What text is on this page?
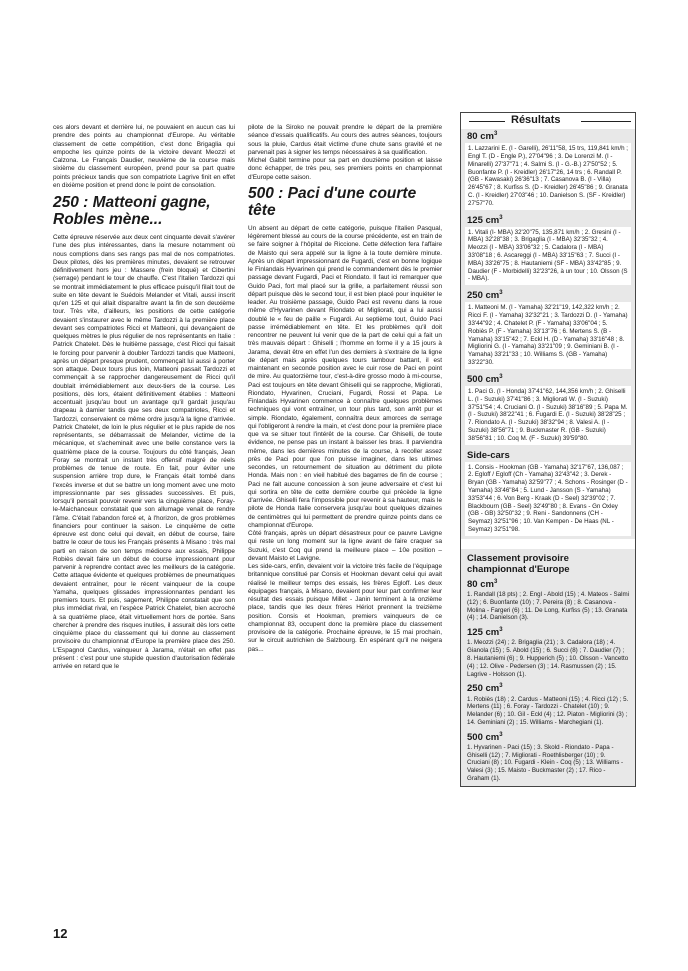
ces alors devant et derrière lui, ne pouvaient en aucun cas lui prendre des points au championnat d'Europe. Au véritable classement de cette compétition, c'est donc Brigaglia qui empoche les quinze points de la victoire devant Meozzi et Calzona. Le Français Daudier, neuvième de la course mais sixième du classement européen, prend pour sa part quatre points précieux tandis que son compatriote Lagrive finit en effet en dixième position et prend donc le point de consolation.
250 : Matteoni gagne, Robles mène...
Cette épreuve réservée aux deux cent cinquante devait s'avérer l'une des plus intéressantes, dans la mesure notamment où nous comptions dans ses rangs pas mal de nos compatriotes. Deux pilotes, dès les premières minutes, devaient se retrouver définitivement hors jeu : Massere (frein bloqué) et Cibertini (serrage) pendant le tour de chauffe. C'est l'Italien Tardozzi qui se montrait immédiatement le plus efficace puisqu'il filait tout de suite en tête devant le Suédois Melander et Vitali, aussi inscrit qu'en 125 et qui allait disparaître avant la fin de son deuxième tour. Très vite, d'ailleurs, les positions de cette catégorie devaient s'instaurer avec le même Tardozzi à la première place devant ses compatriotes Ricci et Matteoni, qui devançaient de quelques mètres le plus régulier de nos représentants en Italie : Patrick Chatelet. Dès le huitième passage, c'est Ricci qui faisait le forcing pour parvenir à doubler Tardozzi tandis que Matteoni, après un départ presque prudent, commençait lui aussi à porter son attaque. Deux tours plus loin, Matteoni passait Tardozzi et commençait à se rapprocher dangereusement de Ricci qu'il doublait irrémédiablement aux deux-tiers de la course. Les positions, dès lors, étaient définitivement établies : Matteoni accentuait jusqu'au bout un avantage qu'il gardait jusqu'au drapeau à damier tandis que ses deux compatriotes, Ricci et Tardozzi, conservaient ce même ordre jusqu'à la ligne d'arrivée. Patrick Chatelet, de loin le plus régulier et le plus rapide de nos représentants, se débarrassait de Melander, victime de la mécanique, et s'acheminait avec une belle constance vers la quatrième place de la course. Toujours du côté français, Jean Foray se montrait un instant très offensif malgré de réels problèmes de tenue de route. En fait, pour éviter une suspension arrière trop dure, le Français était tombé dans l'excès inverse et dut se battre un long moment avec une moto impressionnante par ses glissades successives. Et puis, lorsqu'il pensait pouvoir revenir vers la cinquième place, Foray-le-Maichanceux constatait que son allumage venait de rendre l'âme. C'était l'abandon forcé et, à l'horizon, de gros problèmes financiers pour continuer la saison. Le cinquième de cette épreuve est donc celui qui devait, en début de course, faire battre le cœur de tous les Français présents à Misano : très mal parti en raison de son temps médiocre aux essais, Philippe Robiès devait faire un début de course impressionnant pour parvenir à reprendre contact avec les meilleurs de la catégorie. Cette attaque évidente et quelques problèmes de pneumatiques devaient entraîner, pour le récent vainqueur de la coupe Yamaha, quelques glissades impressionnantes pendant les premiers tours. Et puis, sagement, Philippe constatait que son plus immédiat rival, en l'espèce Patrick Chatelet, bien accroché à sa quatrième place, était virtuellement hors de portée. Sans chercher à prendre des risques inutiles, il assurait dès lors cette cinquième place du classement qui lui donne au classement provisoire du championnat d'Europe la première place des 250. L'Espagnol Cardus, vainqueur à Jarama, n'était en effet pas présent : c'est pour une stupide question d'autorisation fédérale arrivée en retard que le
pilote de la Siroko ne pouvait prendre le départ de la première séance d'essais qualificatifs. Au cours des autres séances, toujours sous la pluie, Cardus était victime d'une chute sans gravité et ne parvenait pas à signer les temps nécessaires à sa qualification.
Michel Galbit termine pour sa part en douzième position et laisse donc échapper, de très peu, ses premiers points en championnat d'Europe cette saison.
500 : Paci d'une courte tête
Un absent au départ de cette catégorie, puisque l'Italien Pasqual, légèrement blessé au cours de la course précédente, est en train de se faire soigner à l'hôpital de Riccione. Cette défection fera l'affaire de Maisto qui sera appelé sur la ligne à la toute dernière minute. Après un départ impressionnant de Fugardi, c'est en bonne logique le Finlandais Hyvarinen qui prend le commandement dès le premier passage devant Fugardi, Paci et Riondato. Il faut ici remarquer que Guido Paci, fort mal placé sur la grille, a parfaitement réussi son départ puisque dès le second tour, il est bien placé pour inquiéter le leader. Au troisième passage, Guido Paci est revenu dans la roue même d'Hyvarinen devant Riondato et Migliorati, qui a lui aussi doublé le « feu de paille » Fugardi. Au septième tout, Guido Paci passe irrémédiablement en tête. Et les problèmes qu'il doit rencontrer ne peuvent lui venir que de la part de celui qui a fait un très mauvais départ : Ghiselli ; l'homme en forme il y a 15 jours à Jarama, devait être en effet l'un des derniers à s'extraire de la ligne de départ mais après quelques tours tambour battant, il est maintenant en seconde position avec le cuir rose de Paci en point de mire. Au quatorzième tour, c'est-à-dire grosso modo à mi-course, Paci est toujours en tête devant Ghiselli qui se rapproche, Migliorati, Riondato, Hyvarinen, Cruciani, Fugardi, Rossi et Papa. Le Finlandais Hyvarinen commence à connaître quelques problèmes techniques qui vont entraîner, un tour plus tard, son arrêt pur et simple. Riondato, également, connaîtra deux amorces de serrage qui l'obligeront à rendre la main, et c'est donc pour la première place que va se situer tout l'intérêt de la course. Car Ghiselli, de toute évidence, ne pense pas un instant à baisser les bras. Il parviendra même, dans les dernières minutes de la course, à recoller assez près de Paci pour que l'on puisse imaginer, dans les ultimes secondes, un retournement de situation au détriment du pilote Honda. Mais non : en vieil habitué des bagarres de fin de course ; Paci ne fait aucune concession à son jeune adversaire et c'est lui qui sortira en tête de cette dernière courbe qui précède la ligne d'arrivée. Ghiselli fera l'impossible pour revenir à sa hauteur, mais le pilote de Honda Italie conservera jusqu'au bout quelques dizaines de centimètres qui lui permettent de prendre quinze points dans ce championnat d'Europe.
Côté français, après un départ désastreux pour ce pauvre Lavigne qui reste un long moment sur la ligne avant de faire craquer sa Suzuki, c'est Coq qui prend la meilleure place – 10e position – devant Maisto et Lavigne.
Les side-cars, enfin, devaient voir la victoire très facile de l'équipage britannique constitué par Consis et Hookman devant celui qui avait réalisé le meilleur temps des essais, les frères Egloff. Les deux équipages français, à Misano, devaient pour leur part confirmer leur résultat des essais puisque Millet - Janin terminent à la onzième place, tandis que les deux frères Hériot prennent la treizième position. Consis et Hookman, premiers vainqueurs de ce championnat 83, occupent donc la première place du classement provisoire de la catégorie. Prochaine épreuve, le 15 mai prochain, sur le circuit autrichien de Salzbourg. En espérant qu'il ne neigera pas...
Résultats
80 $cm^3$
1. Lazzarini E. (I - Garelli), 26'11"58, 15 trs, 119,841 km/h ; Engl T. (D - Engle P.), 27'04"96 ; 3. De Lorenzi M. (I - Minarelli) 27'37"71 ; 4. Salmi S. (I - G.-B.) 27'50"52 ; 5. Buonfante P. (I - Kreidler) 26'17"26, 14 trs ; 6. Randall P. (GB - Kawasaki) 26'36"13 ; 7. Casanova B. (I - Villa) 26'45"67 ; 8. Kurfiss S. (D - Kreidler) 26'45"86 ; 9. Granata C. (I - Kreidler) 27'03"46 ; 10. Danielson S. (SF - Kreidler) 27'57"70.
125 $cm^3$
1. Vitali (I- MBA) 32'20"75, 135,871 km/h ; 2. Gresini (I - MBA) 32'28"38 ; 3. Brigaglia (I - MBA) 32'35"32 ; 4. Meozzi (I - MBA) 33'06"32 ; 5. Cadalora (I - MBA) 33'08"18 ; 6. Ascareggi (I - MBA) 33'15"63 ; 7. Succi (I - MBA) 33'26"75 ; 8. Hautaniemi (SF - MBA) 33'42"85 ; 9. Daudier (F - Morbidelli) 32'23"26, à un tour ; 10. Olsson (S - MBA).
250 $cm^3$
1. Matteoni M. (I - Yamaha) 32'21"19, 142,322 km/h ; 2. Ricci F. (I - Yamaha) 32'32"21 ; 3. Tardozzi D. (I - Yamaha) 33'44"92 ; 4. Chatelet P. (F - Yamaha) 33'06"04 ; 5. Robiès P. (F - Yamaha) 33'13"76 ; 6. Mertens S. (B - Yamaha) 33'15"42 ; 7. Eckl H. (D - Yamaha) 33'16"48 ; 8. Migliorini G. (I - Yamaha) 33'21"09 ; 9. Geminiani B. (I - Yamaha) 33'21"33 ; 10. Williams S. (GB - Yamaha) 33'22"30.
500 $cm^3$
1. Paci G. (I - Honda) 37'41"62, 144,356 km/h ; 2. Ghiselli L. (I - Suzuki) 37'41"86 ; 3. Migliorati W. (I - Suzuki) 37'51"54 ; 4. Cruciani O. (I - Suzuki) 38'16"89 ; 5. Papa M. (I - Suzuki) 38'22"41 ; 6. Fugardi E. (I - Suzuki) 38'28"25 ; 7. Riondato A. (I - Suzuki) 38'32"94 ; 8. Valesi A. (I - Suzuki) 38'56"71 ; 9. Buckmaster R. (GB - Suzuki) 38'56"81 ; 10. Coq M. (F - Suzuki) 39'59"80.
Side-cars
1. Consis - Hookman (GB - Yamaha) 32'17"67, 136,087 ; 2. Egloff / Egloff (Ch - Yamaha) 32'43"42 ; 3. Derek - Bryan (GB - Yamaha) 32'59"77 ; 4. Schons - Rosinger (D - Yamaha) 33'46"84 ; 5. Lund - Jansson (S - Yamaha) 33'53"44 ; 6. Von Berg - Kraak (D - Seel) 32'39"02 ; 7. Blackbourn (GB - Seel) 32'49"80 ; 8. Evans - Gn Oxley (GB - GB) 32'50"32 ; 9. Reni - Sandonnens (CH - Seymaz) 32'51"96 ; 10. Van Kempen - De Haas (NL - Seymaz) 32'51"98.
Classement provisoire championnat d'Europe
80 $cm^3$
1. Randall (18 pts) ; 2. Engl - Abold (15) ; 4. Mateos - Salmi (12) ; 6. Buonfante (10) ; 7. Pereira (8) ; 8. Casanova - Molina - Fargeri (6) ; 11. De Long, Kurfiss (5) ; 13. Granata (4) ; 14. Danielson (3).
125 $cm^3$
1. Meozzi (24) ; 2. Brigaglia (21) ; 3. Cadalora (18) ; 4. Gianola (15) ; 5. Abold (15) ; 6. Succi (8) ; 7. Daudier (7) ; 8. Hautaniemi (6) ; 9. Hupperich (5) ; 10. Olsson - Vancetto (4) ; 12. Olive - Pedersen (3) ; 14. Rasmussen (2) ; 15. Lagrive - Holsson (1).
250 $cm^3$
1. Robiès (18) ; 2. Cardus - Matteoni (15) ; 4. Ricci (12) ; 5. Mertens (11) ; 6. Foray - Tardozzi - Chatelet (10) ; 9. Melander (6) ; 10. Gil - Eckl (4) ; 12. Piaton - Migliorini (3) ; 14. Geminiani (2) ; 15. Williams - Marchegiani (1).
500 $cm^3$
1. Hyvarinen - Paci (15) ; 3. Skold - Riondato - Papa - Ghiselli (12) ; 7. Migliorati - Roethlisberger (10) ; 9. Cruciani (8) ; 10. Fugardi - Klein - Coq (5) ; 13. Williams - Valesi (3) ; 15. Maisto - Buckmaster (2) ; 17. Rico - Graham (1).
12
